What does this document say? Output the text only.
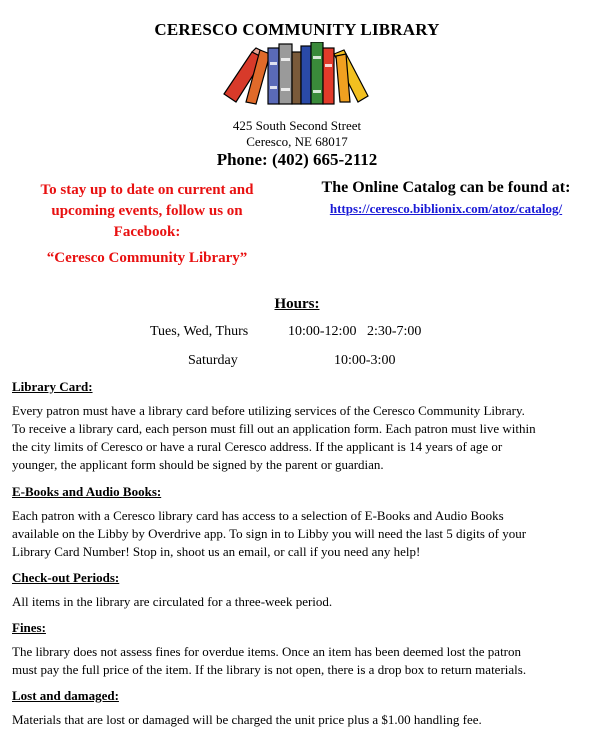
CERESCO COMMUNITY LIBRARY
425 South Second Street
Ceresco, NE 68017
Phone: (402) 665-2112
To stay up to date on current and
upcoming events, follow us on
Facebook:
“Ceresco Community Library”
The Online Catalog can be found at:
https://ceresco.biblionix.com/atoz/catalog/
Hours:
Tues, Wed, Thurs	10:00-12:00   2:30-7:00
Saturday	10:00-3:00
Library Card:
Every patron must have a library card before utilizing services of the Ceresco Community Library.
To receive a library card, each person must fill out an application form. Each patron must live within
the city limits of Ceresco or have a rural Ceresco address. If the applicant is 14 years of age or
younger, the applicant form should be signed by the parent or guardian.
E-Books and Audio Books:
Each patron with a Ceresco library card has access to a selection of E-Books and Audio Books
available on the Libby by Overdrive app. To sign in to Libby you will need the last 5 digits of your
Library Card Number! Stop in, shoot us an email, or call if you need any help!
Check-out Periods:
All items in the library are circulated for a three-week period.
Fines:
The library does not assess fines for overdue items. Once an item has been deemed lost the patron
must pay the full price of the item. If the library is not open, there is a drop box to return materials.
Lost and damaged:
Materials that are lost or damaged will be charged the unit price plus a $1.00 handling fee.
